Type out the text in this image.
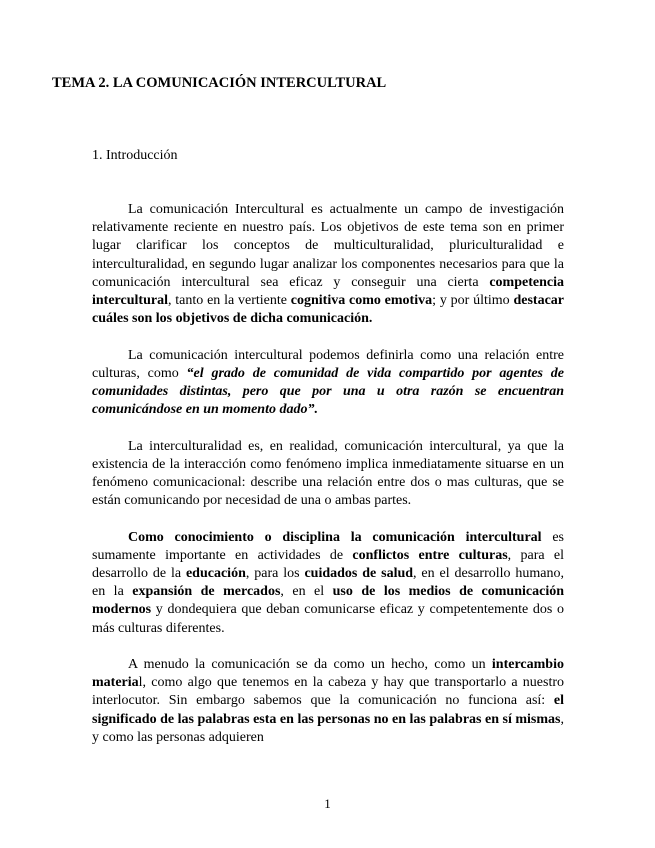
TEMA 2. LA COMUNICACIÓN INTERCULTURAL

1. Introducción

La comunicación Intercultural es actualmente un campo de investigación relativamente reciente en nuestro país. Los objetivos de este tema son en primer lugar clarificar los conceptos de multiculturalidad, pluriculturalidad e interculturalidad, en segundo lugar analizar los componentes necesarios para que la comunicación intercultural sea eficaz y conseguir una cierta competencia intercultural, tanto en la vertiente cognitiva como emotiva; y por último destacar cuáles son los objetivos de dicha comunicación.

La comunicación intercultural podemos definirla como una relación entre culturas, como “el grado de comunidad de vida compartido por agentes de comunidades distintas, pero que por una u otra razón se encuentran comunicándose en un momento dado”.

La interculturalidad es, en realidad, comunicación intercultural, ya que la existencia de la interacción como fenómeno implica inmediatamente situarse en un fenómeno comunicacional: describe una relación entre dos o mas culturas, que se están comunicando por necesidad de una o ambas partes.

Como conocimiento o disciplina la comunicación intercultural es sumamente importante en actividades de conflictos entre culturas, para el desarrollo de la educación, para los cuidados de salud, en el desarrollo humano, en la expansión de mercados, en el uso de los medios de comunicación modernos y dondequiera que deban comunicarse eficaz y competentemente dos o más culturas diferentes.

A menudo la comunicación se da como un hecho, como un intercambio material, como algo que tenemos en la cabeza y hay que transportarlo a nuestro interlocutor. Sin embargo sabemos que la comunicación no funciona así: el significado de las palabras esta en las personas no en las palabras en sí mismas, y como las personas adquieren

1
